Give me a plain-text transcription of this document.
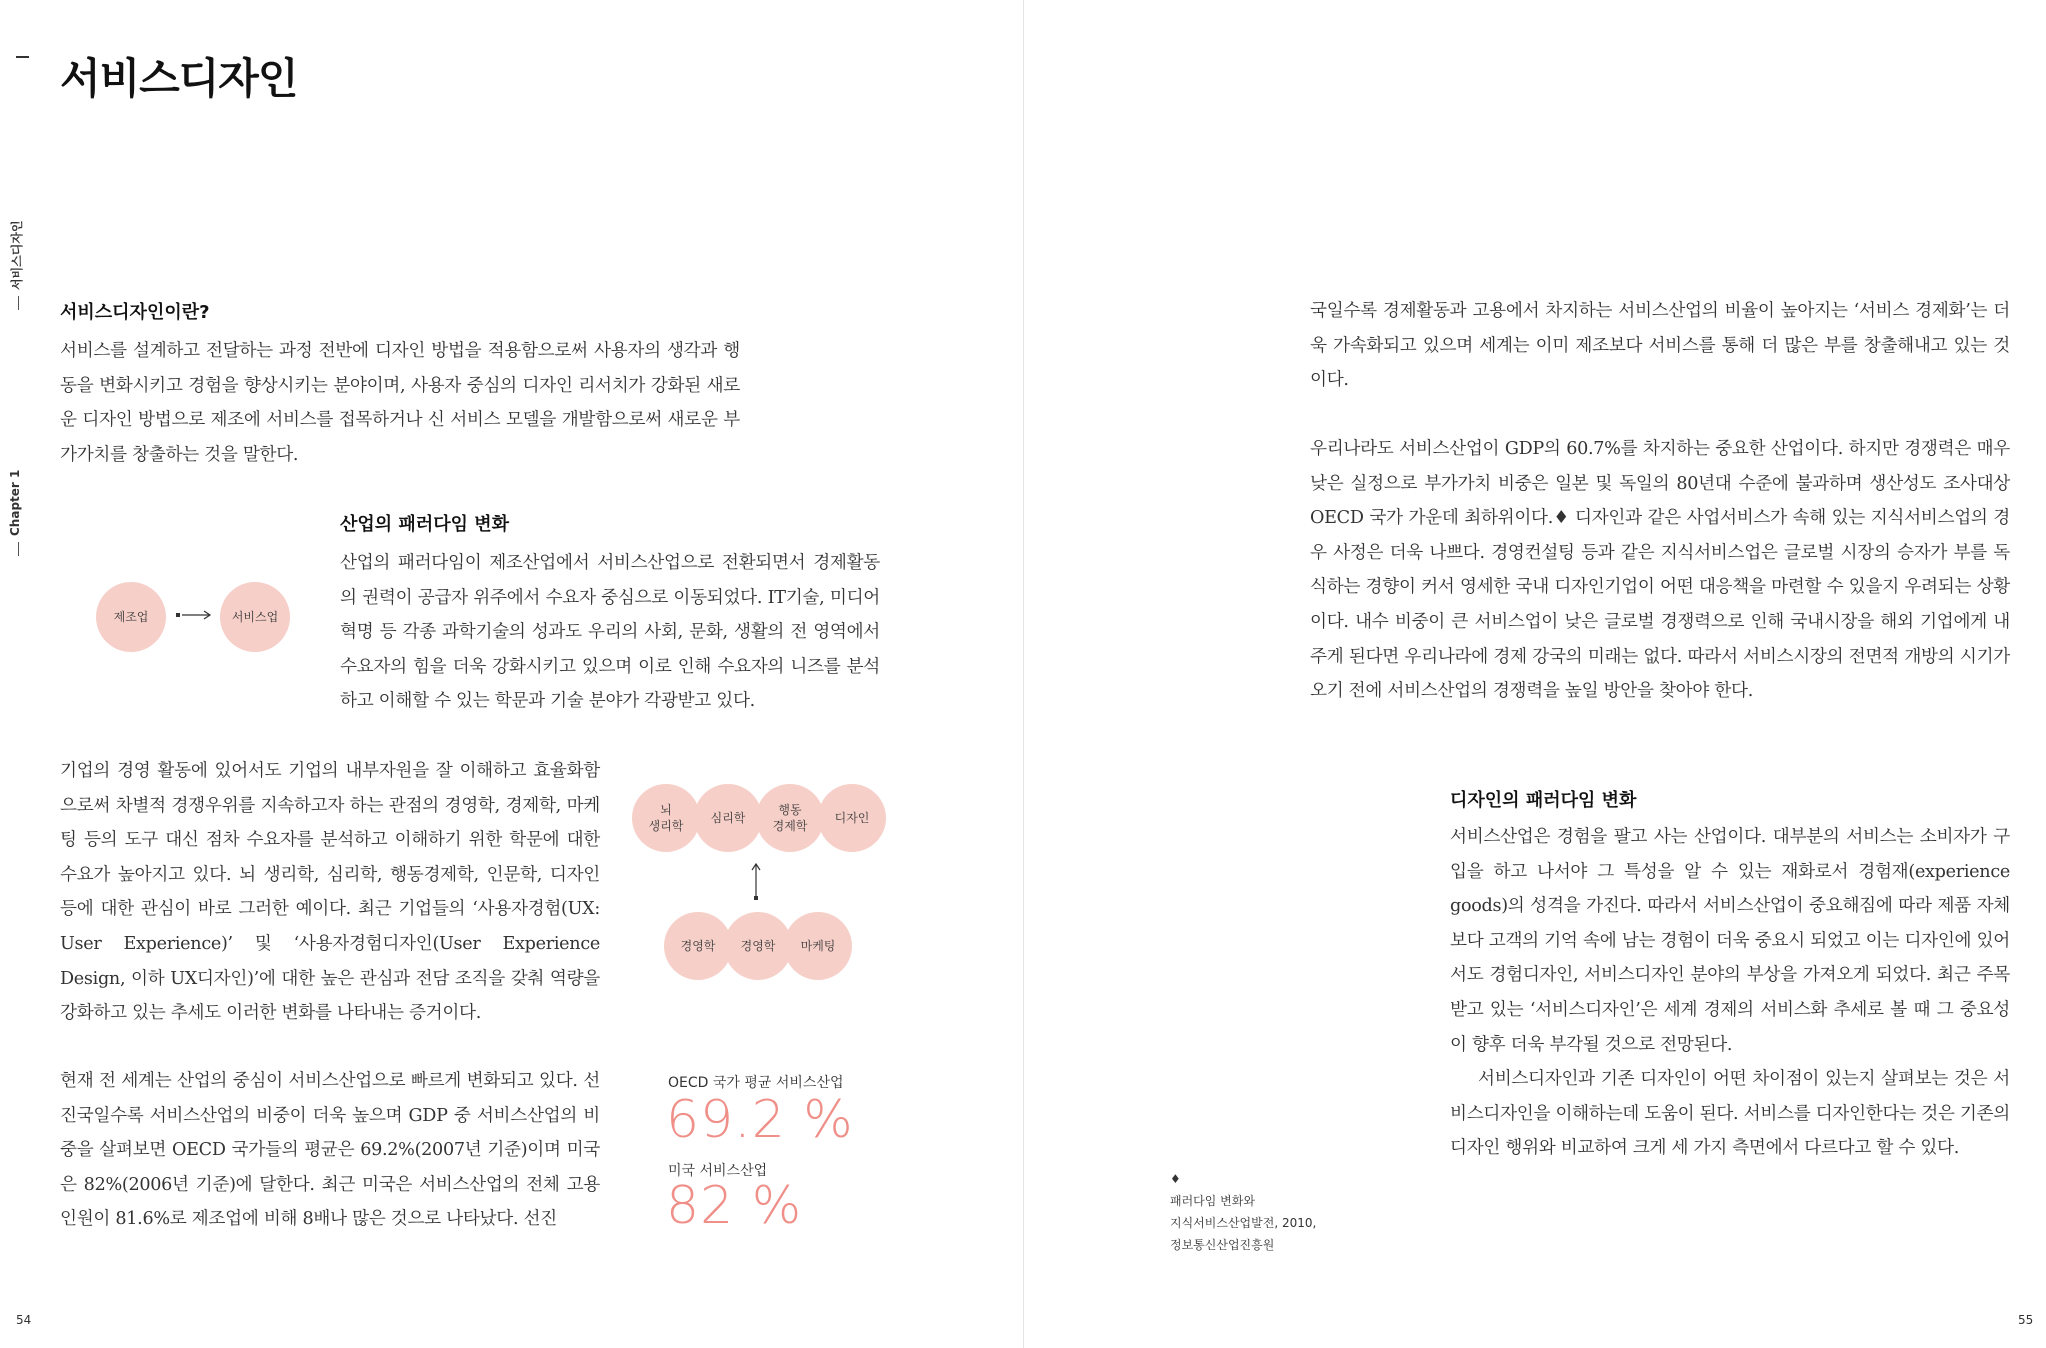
서비스디자인
서비스디자인
Chapter 1
서비스디자인이란?

서비스를 설계하고 전달하는 과정 전반에 디자인 방법을 적용함으로써 사용자의 생각과 행동을 변화시키고 경험을 향상시키는 분야이며, 사용자 중심의 디자인 리서치가 강화된 새로운 디자인 방법으로 제조에 서비스를 접목하거나 신 서비스 모델을 개발함으로써 새로운 부가가치를 창출하는 것을 말한다.

산업의 패러다임 변화

산업의 패러다임이 제조산업에서 서비스산업으로 전환되면서 경제활동의 권력이 공급자 위주에서 수요자 중심으로 이동되었다. IT기술, 미디어 혁명 등 각종 과학기술의 성과도 우리의 사회, 문화, 생활의 전 영역에서 수요자의 힘을 더욱 강화시키고 있으며 이로 인해 수요자의 니즈를 분석하고 이해할 수 있는 학문과 기술 분야가 각광받고 있다.

제조업	서비스업

기업의 경영 활동에 있어서도 기업의 내부자원을 잘 이해하고 효율화함으로써 차별적 경쟁우위를 지속하고자 하는 관점의 경영학, 경제학, 마케팅 등의 도구 대신 점차 수요자를 분석하고 이해하기 위한 학문에 대한 수요가 높아지고 있다. 뇌 생리학, 심리학, 행동경제학, 인문학, 디자인 등에 대한 관심이 바로 그러한 예이다. 최근 기업들의 ‘사용자경험(UX: User Experience)’ 및 ‘사용자경험디자인(User Experience Design, 이하 UX디자인)’에 대한 높은 관심과 전담 조직을 갖춰 역량을 강화하고 있는 추세도 이러한 변화를 나타내는 증거이다.

뇌
생리학
심리학
행동
경제학
디자인
경영학	경영학	마케팅

현재 전 세계는 산업의 중심이 서비스산업으로 빠르게 변화되고 있다. 선진국일수록 서비스산업의 비중이 더욱 높으며 GDP 중 서비스산업의 비중을 살펴보면 OECD 국가들의 평균은 69.2%(2007년 기준)이며 미국은 82%(2006년 기준)에 달한다. 최근 미국은 서비스산업의 전체 고용인원이 81.6%로 제조업에 비해 8배나 많은 것으로 나타났다. 선진

OECD 국가 평균 서비스산업
69.2 %
미국 서비스산업
82 %
54

국일수록 경제활동과 고용에서 차지하는 서비스산업의 비율이 높아지는 ‘서비스 경제화’는 더욱 가속화되고 있으며 세계는 이미 제조보다 서비스를 통해 더 많은 부를 창출해내고 있는 것이다.

우리나라도 서비스산업이 GDP의 60.7%를 차지하는 중요한 산업이다. 하지만 경쟁력은 매우 낮은 실정으로 부가가치 비중은 일본 및 독일의 80년대 수준에 불과하며 생산성도 조사대상 OECD 국가 가운데 최하위이다.♦ 디자인과 같은 사업서비스가 속해 있는 지식서비스업의 경우 사정은 더욱 나쁘다. 경영컨설팅 등과 같은 지식서비스업은 글로벌 시장의 승자가 부를 독식하는 경향이 커서 영세한 국내 디자인기업이 어떤 대응책을 마련할 수 있을지 우려되는 상황이다. 내수 비중이 큰 서비스업이 낮은 글로벌 경쟁력으로 인해 국내시장을 해외 기업에게 내주게 된다면 우리나라에 경제 강국의 미래는 없다. 따라서 서비스시장의 전면적 개방의 시기가 오기 전에 서비스산업의 경쟁력을 높일 방안을 찾아야 한다.

디자인의 패러다임 변화

서비스산업은 경험을 팔고 사는 산업이다. 대부분의 서비스는 소비자가 구입을 하고 나서야 그 특성을 알 수 있는 재화로서 경험재(experience goods)의 성격을 가진다. 따라서 서비스산업이 중요해짐에 따라 제품 자체보다 고객의 기억 속에 남는 경험이 더욱 중요시 되었고 이는 디자인에 있어서도 경험디자인, 서비스디자인 분야의 부상을 가져오게 되었다. 최근 주목 받고 있는 ‘서비스디자인’은 세계 경제의 서비스화 추세로 볼 때 그 중요성이 향후 더욱 부각될 것으로 전망된다.

서비스디자인과 기존 디자인이 어떤 차이점이 있는지 살펴보는 것은 서비스디자인을 이해하는데 도움이 된다. 서비스를 디자인한다는 것은 기존의 디자인 행위와 비교하여 크게 세 가지 측면에서 다르다고 할 수 있다.

♦
패러다임 변화와
지식서비스산업발전, 2010,
정보통신산업진흥원
55
